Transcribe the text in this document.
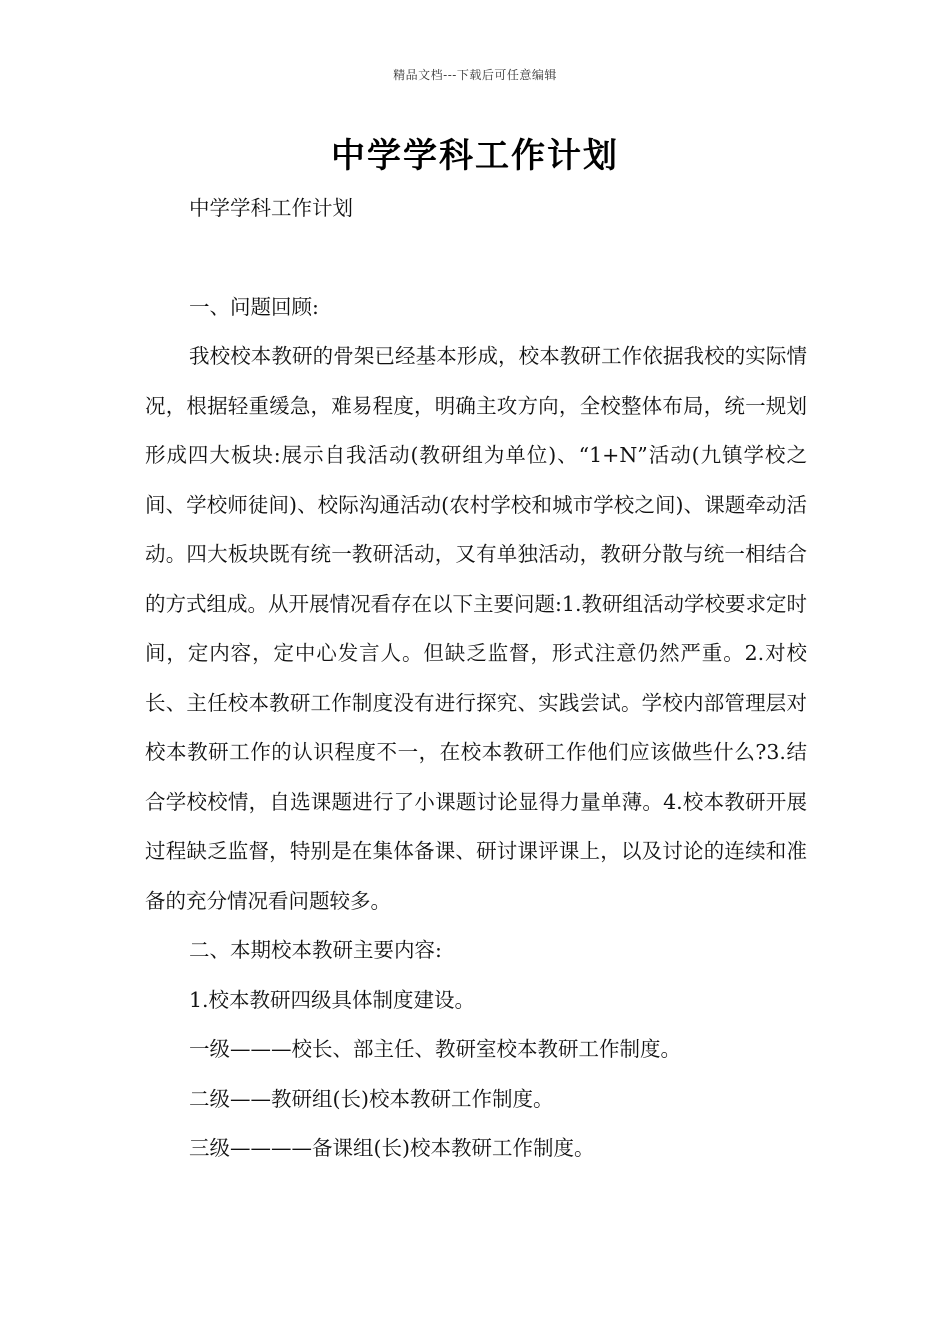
精品文档---下载后可任意编辑
中学学科工作计划

中学学科工作计划

一、问题回顾:

我校校本教研的骨架已经基本形成，校本教研工作依据我校的实际情况，根据轻重缓急，难易程度，明确主攻方向，全校整体布局，统一规划形成四大板块:展示自我活动(教研组为单位)、“1+N”活动(九镇学校之间、学校师徒间)、校际沟通活动(农村学校和城市学校之间)、课题牵动活动。四大板块既有统一教研活动，又有单独活动，教研分散与统一相结合的方式组成。从开展情况看存在以下主要问题:1.教研组活动学校要求定时间，定内容，定中心发言人。但缺乏监督，形式注意仍然严重。2.对校长、主任校本教研工作制度没有进行探究、实践尝试。学校内部管理层对校本教研工作的认识程度不一，在校本教研工作他们应该做些什么?3.结合学校校情，自选课题进行了小课题讨论显得力量单薄。4.校本教研开展过程缺乏监督，特别是在集体备课、研讨课评课上，以及讨论的连续和准备的充分情况看问题较多。

二、本期校本教研主要内容:

1.校本教研四级具体制度建设。

一级———校长、部主任、教研室校本教研工作制度。

二级——教研组(长)校本教研工作制度。

三级————备课组(长)校本教研工作制度。
